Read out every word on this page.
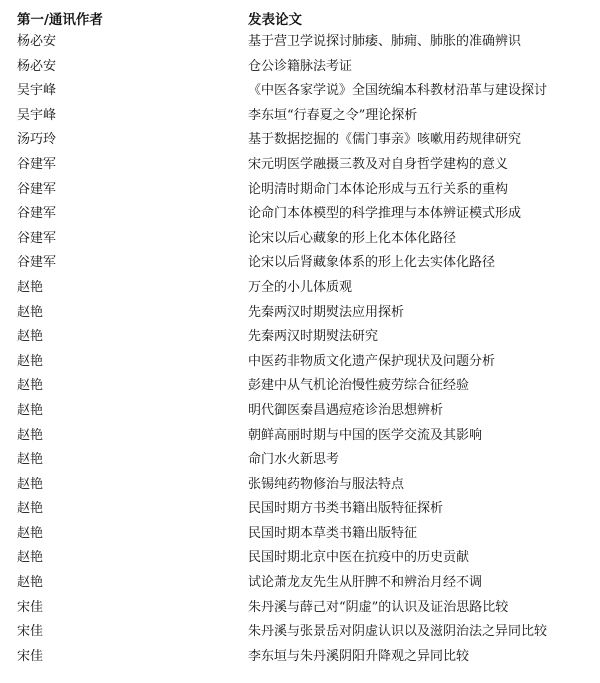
第一/通讯作者	发表论文
杨必安	基于营卫学说探讨肺痿、肺痈、肺胀的准确辨识
杨必安	仓公诊籍脉法考证
吴宇峰	《中医各家学说》全国统编本科教材沿革与建设探讨
吴宇峰	李东垣“行春夏之令”理论探析
汤巧玲	基于数据挖掘的《儒门事亲》咳嗽用药规律研究
谷建军	宋元明医学融摄三教及对自身哲学建构的意义
谷建军	论明清时期命门本体论形成与五行关系的重构
谷建军	论命门本体模型的科学推理与本体辨证模式形成
谷建军	论宋以后心藏象的形上化本体化路径
谷建军	论宋以后肾藏象体系的形上化去实体化路径
赵艳	万全的小儿体质观
赵艳	先秦两汉时期熨法应用探析
赵艳	先秦两汉时期熨法研究
赵艳	中医药非物质文化遗产保护现状及问题分析
赵艳	彭建中从气机论治慢性疲劳综合征经验
赵艳	明代御医秦昌遇痘疮诊治思想辨析
赵艳	朝鲜高丽时期与中国的医学交流及其影响
赵艳	命门水火新思考
赵艳	张锡纯药物修治与服法特点
赵艳	民国时期方书类书籍出版特征探析
赵艳	民国时期本草类书籍出版特征
赵艳	民国时期北京中医在抗疫中的历史贡献
赵艳	试论萧龙友先生从肝脾不和辨治月经不调
宋佳	朱丹溪与薛己对“阴虚”的认识及证治思路比较
宋佳	朱丹溪与张景岳对阴虚认识以及滋阴治法之异同比较
宋佳	李东垣与朱丹溪阴阳升降观之异同比较
